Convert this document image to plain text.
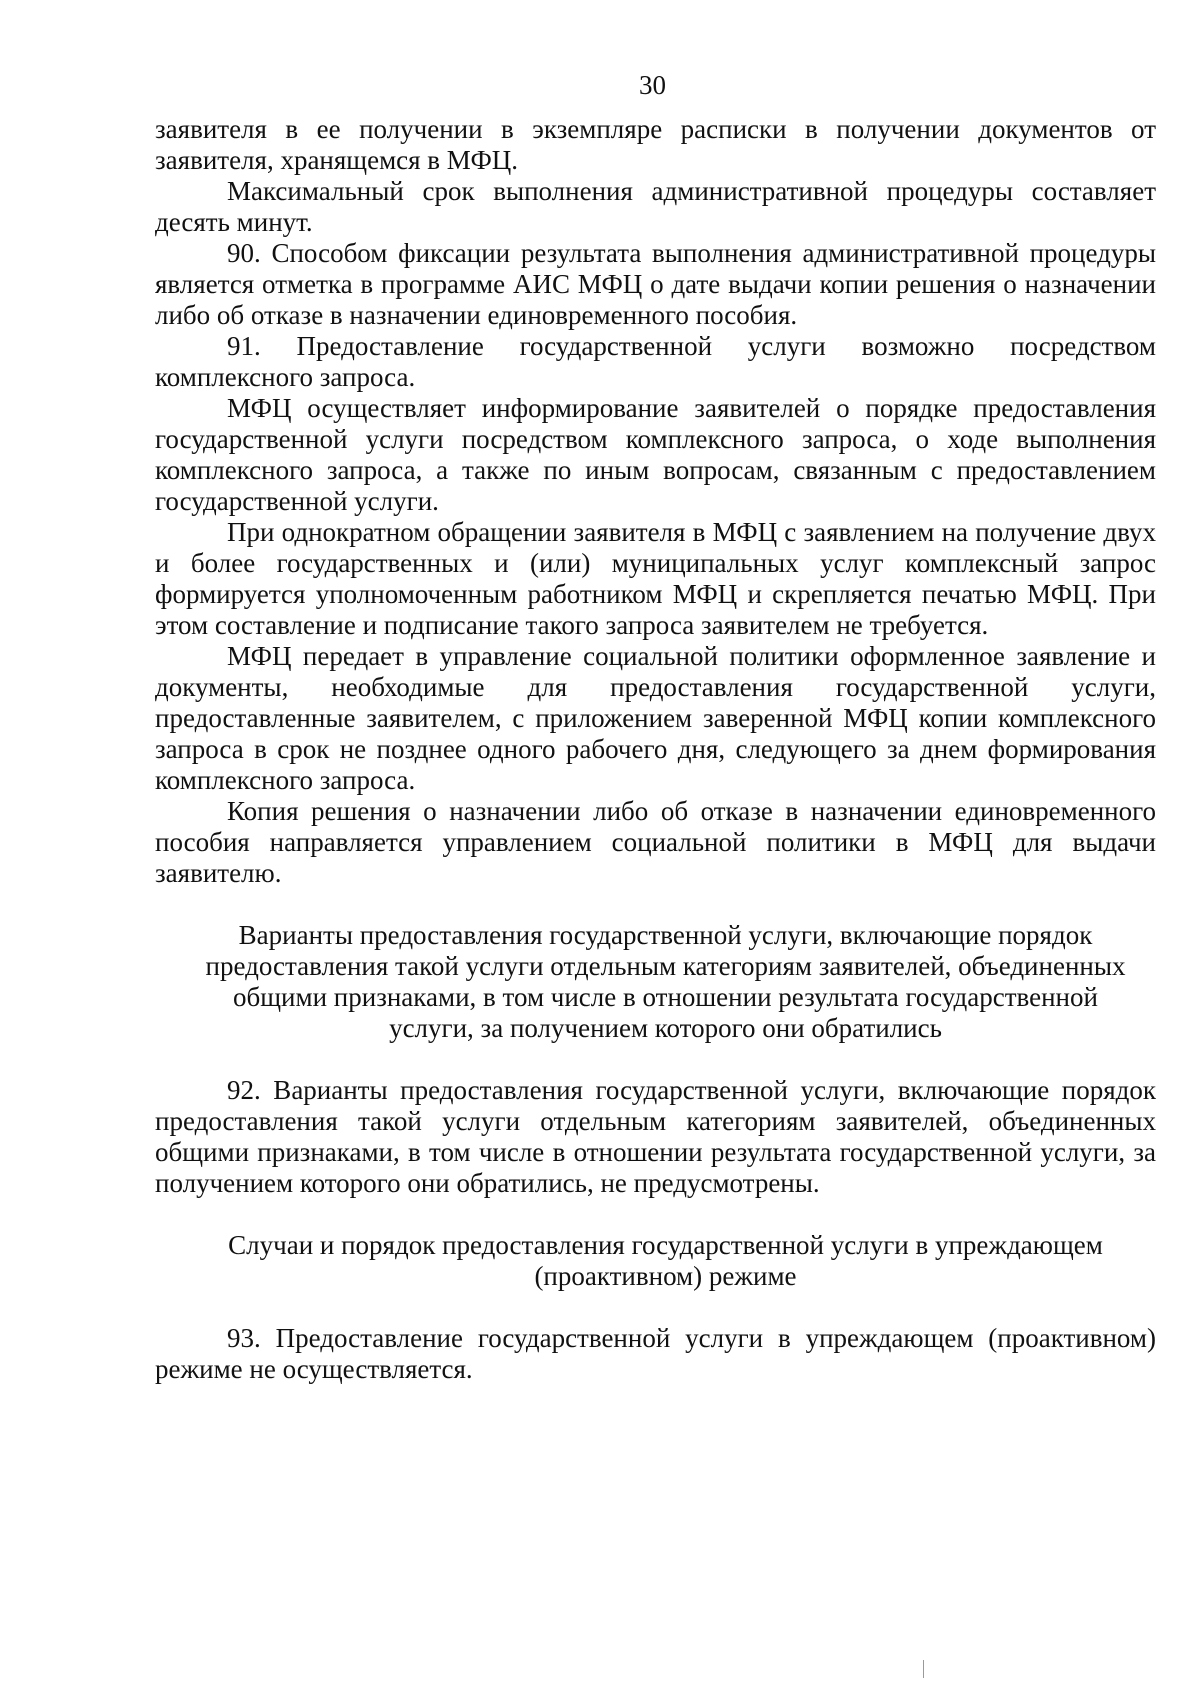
30

заявителя в ее получении в экземпляре расписки в получении документов от заявителя, хранящемся в МФЦ.

Максимальный срок выполнения административной процедуры составляет десять минут.

90. Способом фиксации результата выполнения административной процедуры является отметка в программе АИС МФЦ о дате выдачи копии решения о назначении либо об отказе в назначении единовременного пособия.

91. Предоставление государственной услуги возможно посредством комплексного запроса.

МФЦ осуществляет информирование заявителей о порядке предоставления государственной услуги посредством комплексного запроса, о ходе выполнения комплексного запроса, а также по иным вопросам, связанным с предоставлением государственной услуги.

При однократном обращении заявителя в МФЦ с заявлением на получение двух и более государственных и (или) муниципальных услуг комплексный запрос формируется уполномоченным работником МФЦ и скрепляется печатью МФЦ. При этом составление и подписание такого запроса заявителем не требуется.

МФЦ передает в управление социальной политики оформленное заявление и документы, необходимые для предоставления государственной услуги, предоставленные заявителем, с приложением заверенной МФЦ копии комплексного запроса в срок не позднее одного рабочего дня, следующего за днем формирования комплексного запроса.

Копия решения о назначении либо об отказе в назначении единовременного пособия направляется управлением социальной политики в МФЦ для выдачи заявителю.

Варианты предоставления государственной услуги, включающие порядок
предоставления такой услуги отдельным категориям заявителей, объединенных
общими признаками, в том числе в отношении результата государственной
услуги, за получением которого они обратились

92. Варианты предоставления государственной услуги, включающие порядок предоставления такой услуги отдельным категориям заявителей, объединенных общими признаками, в том числе в отношении результата государственной услуги, за получением которого они обратились, не предусмотрены.

Случаи и порядок предоставления государственной услуги в упреждающем
(проактивном) режиме

93. Предоставление государственной услуги в упреждающем (проактивном) режиме не осуществляется.
